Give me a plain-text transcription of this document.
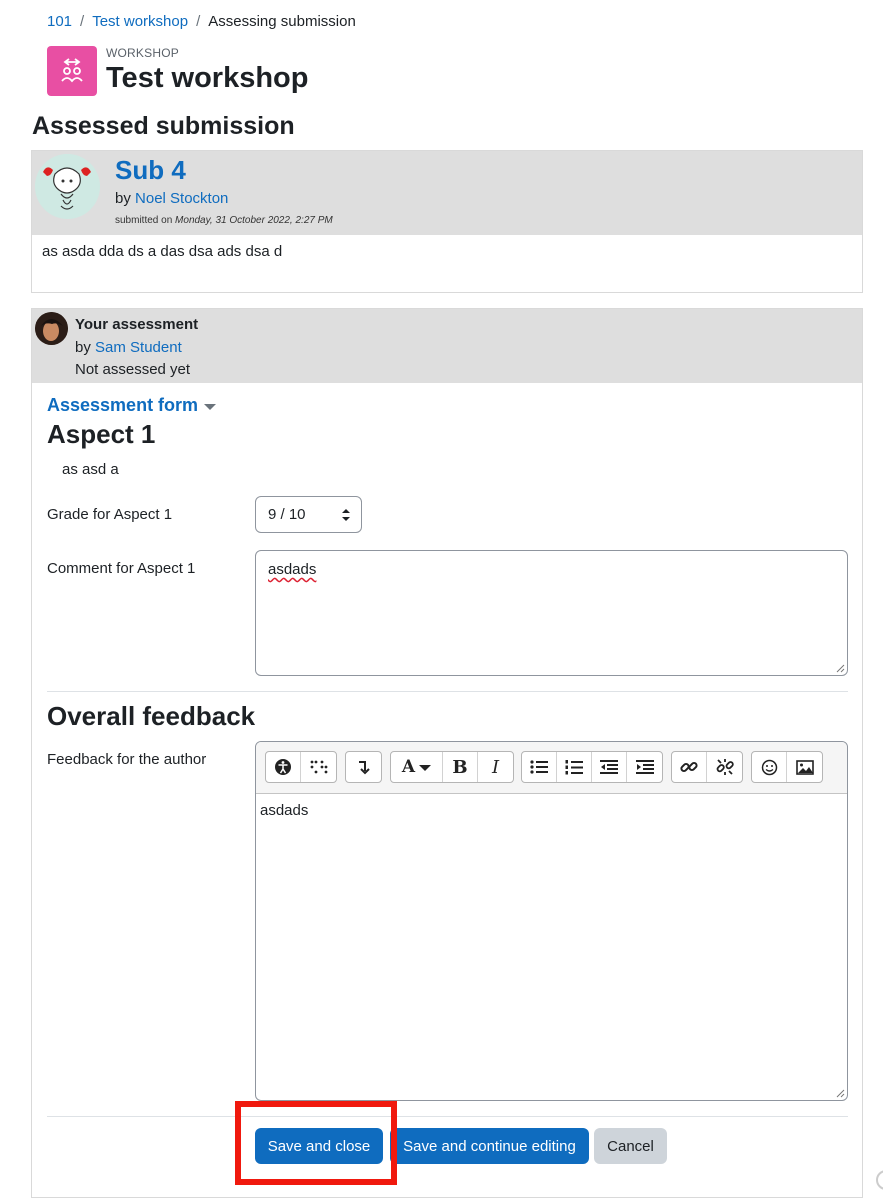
101 / Test workshop / Assessing submission
WORKSHOP
Test workshop
Assessed submission
Sub 4
by Noel Stockton
submitted on Monday, 31 October 2022, 2:27 PM
as asda dda ds a das dsa ads dsa d
Your assessment
by Sam Student
Not assessed yet
Assessment form
Aspect 1
as asd a
Grade for Aspect 1	9 / 10
Comment for Aspect 1	asdads
Overall feedback
Feedback for the author	A B I
asdads
Save and close	Save and continue editing	Cancel
